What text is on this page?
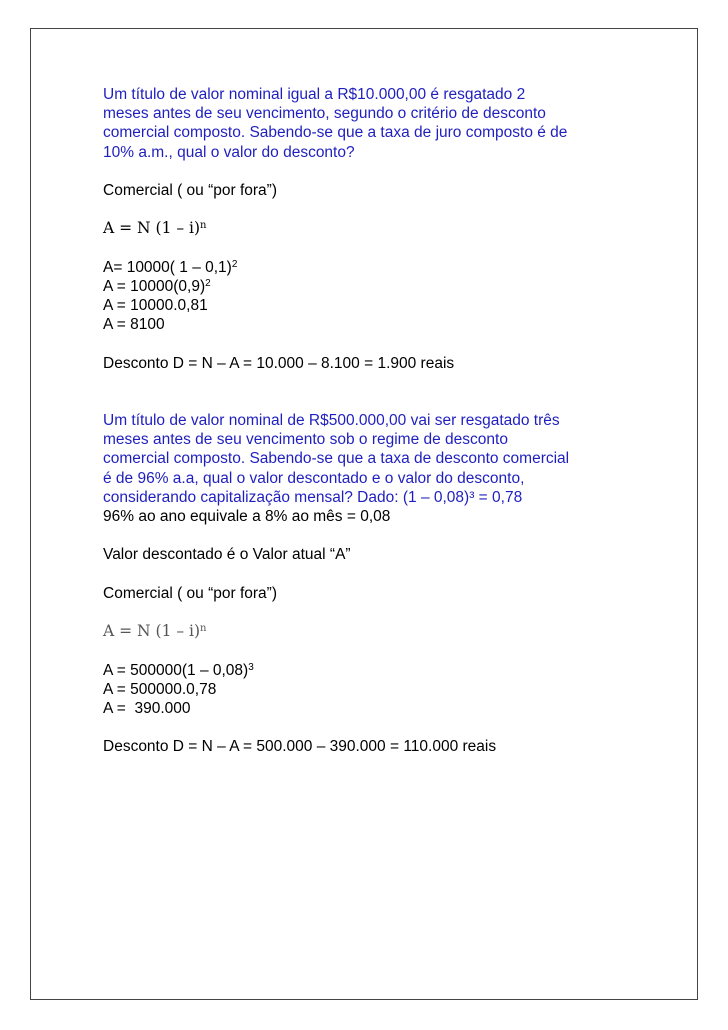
Um título de valor nominal igual a R$10.000,00 é resgatado 2

meses antes de seu vencimento, segundo o critério de desconto

comercial composto. Sabendo-se que a taxa de juro composto é de

10% a.m., qual o valor do desconto?

Comercial ( ou “por fora”)

A = N (1 – i)$^n$

A= 10000( 1 – 0,1)$^2$

$A = 10000(0,9)^2$

A = 10000.0,81

A = 8100

Desconto D = N – A = 10.000 – 8.100 = 1.900 reais

Um título de valor nominal de R$500.000,00 vai ser resgatado três

meses antes de seu vencimento sob o regime de desconto

comercial composto. Sabendo-se que a taxa de desconto comercial

é de 96% a.a, qual o valor descontado e o valor do desconto,

considerando capitalização mensal? Dado: (1 – 0,08)³ = 0,78

96% ao ano equivale a 8% ao mês = 0,08

Valor descontado é o Valor atual “A”

Comercial ( ou “por fora”)

A = N (1 – i)$^n$

A = 500000(1 – 0,08)$^3$

A = 500000.0,78

A =  390.000

Desconto D = N – A = 500.000 – 390.000 = 110.000 reais
